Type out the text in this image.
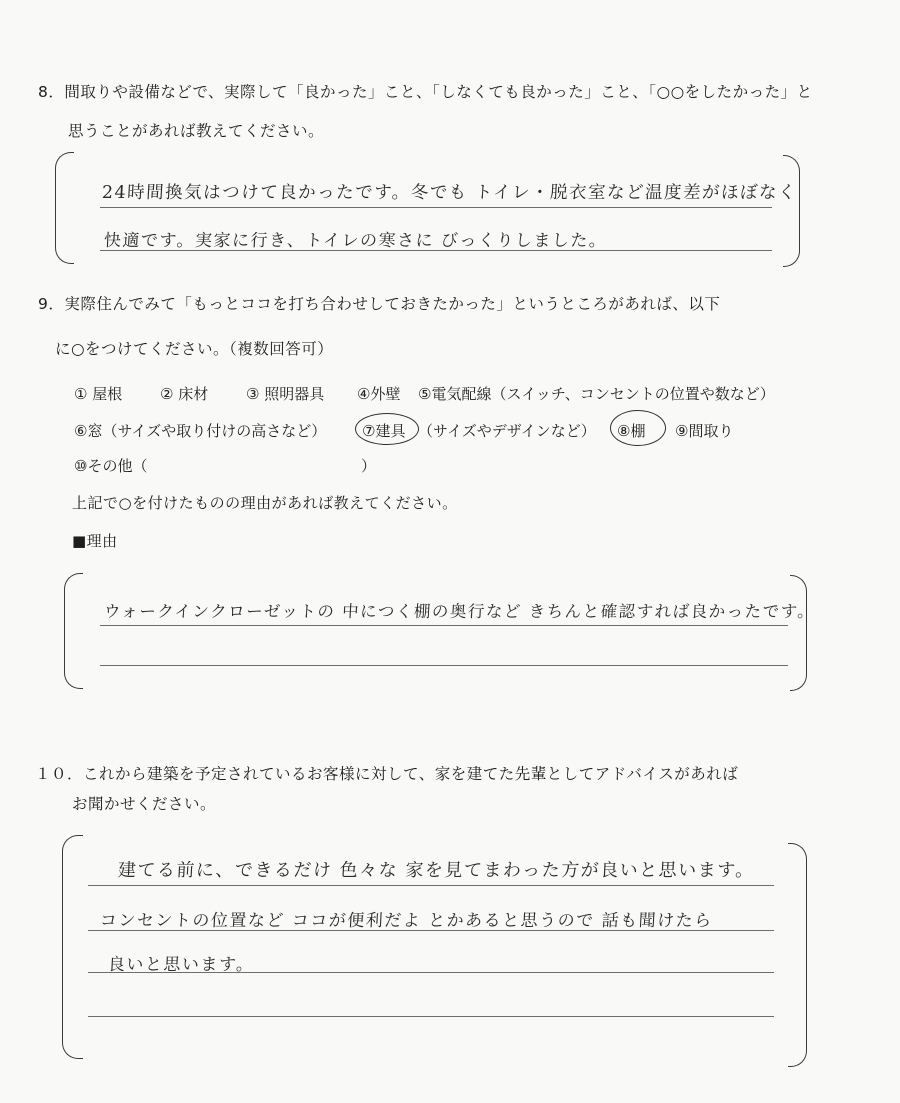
8．間取りや設備などで、実際して「良かった」こと、「しなくても良かった」こと、「○○をしたかった」と
思うことがあれば教えてください。
24時間換気はつけて良かったです。冬でも トイレ・脱衣室など温度差がほぼなく
快適です。実家に行き、トイレの寒さに びっくりしました。
9．実際住んでみて「もっとココを打ち合わせしておきたかった」というところがあれば、以下
に○をつけてください。（複数回答可）
① 屋根	② 床材	③ 照明器具 ④外壁 ⑤電気配線（スイッチ、コンセントの位置や数など）
⑥窓（サイズや取り付けの高さなど） ⑦建具 （サイズやデザインなど） ⑧棚 ⑨間取り
⑩その他（	）
上記で○を付けたものの理由があれば教えてください。
■理由
ウォークインクローゼットの 中につく棚の奥行など きちんと確認すれば良かったです。
１０．これから建築を予定されているお客様に対して、家を建てた先輩としてアドバイスがあれば
お聞かせください。
建てる前に、できるだけ 色々な 家を見てまわった方が良いと思います。
コンセントの位置など ココが便利だよ とかあると思うので 話も聞けたら
良いと思います。
